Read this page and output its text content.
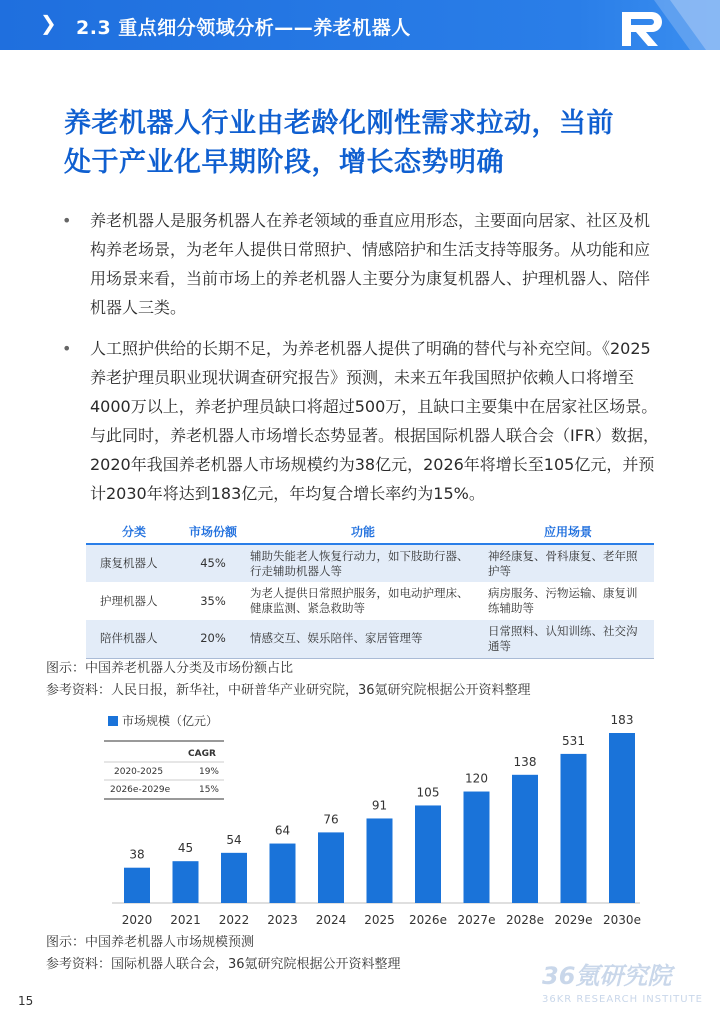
❯ 2.3 重点细分领域分析——养老机器人
养老机器人行业由老龄化刚性需求拉动，当前
处于产业化早期阶段，增长态势明确
• 养老机器人是服务机器人在养老领域的垂直应用形态，主要面向居家、社区及机构养老场景，为老年人提供日常照护、情感陪护和生活支持等服务。从功能和应用场景来看，当前市场上的养老机器人主要分为康复机器人、护理机器人、陪伴机器人三类。
• 人工照护供给的长期不足，为养老机器人提供了明确的替代与补充空间。《2025养老护理员职业现状调查研究报告》预测，未来五年我国照护依赖人口将增至4000万以上，养老护理员缺口将超过500万，且缺口主要集中在居家社区场景。与此同时，养老机器人市场增长态势显著。根据国际机器人联合会（IFR）数据，2020年我国养老机器人市场规模约为38亿元，2026年将增长至105亿元，并预计2030年将达到183亿元，年均复合增长率约为15%。
分类	市场份额	功能	应用场景
康复机器人	45%	辅助失能老人恢复行动力，如下肢助行器、行走辅助机器人等	神经康复、骨科康复、老年照护等
护理机器人	35%	为老人提供日常照护服务，如电动护理床、健康监测、紧急救助等	病房服务、污物运输、康复训练辅助等
陪伴机器人	20%	情感交互、娱乐陪伴、家居管理等	日常照料、认知训练、社交沟通等
图示：中国养老机器人分类及市场份额占比
参考资料：人民日报，新华社，中研普华产业研究院，36氪研究院根据公开资料整理
市场规模（亿元）
CAGR
2020-2025	19%
2026e-2029e	15%
38
2020
45
2021
54
2022
64
2023
76
2024
91
2025
105
2026e
120
2027e
138
2028e
531
2029e
183
2030e
图示：中国养老机器人市场规模预测
参考资料：国际机器人联合会，36氪研究院根据公开资料整理
15
36氪研究院
36KR RESEARCH INSTITUTE
